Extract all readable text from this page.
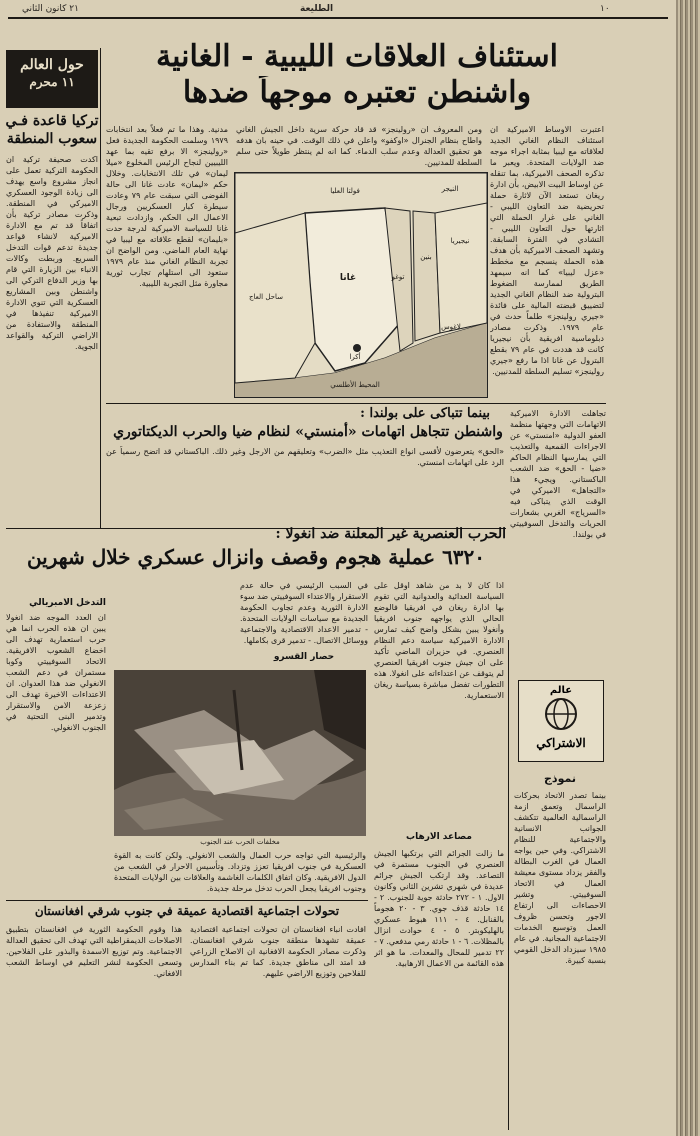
٢١ كانون الثاني	الطليعة	١٠
استئناف العلاقات الليبية - الغانية
واشنطن تعتبره موجهاً ضدها
حول العالم
١١ محرم
تركيا قاعدة فـي
سعوب المنطقة
اكدت صحيفة تركية ان الحكومة التركية تعمل على انجاز مشروع واسع يهدف الى زيادة الوجود العسكري الاميركي في المنطقة. وذكرت مصادر تركية بأن اتفاقاً قد تم مع الادارة الاميركية لانشاء قواعد جديدة تدعم قوات التدخل السريع. وربطت وكالات الانباء بين الزيارة التي قام بها وزير الدفاع التركي الى واشنطن وبين المشاريع العسكرية التي تنوي الادارة الاميركية تنفيذها في المنطقة والاستفادة من الاراضي التركية والقواعد الجوية.
اعتبرت الاوساط الاميركية ان استئناف النظام الغاني الجديد لعلاقاته مع ليبيا بمثابة اجراء موجه ضد الولايات المتحدة. ويعبر ما تذكره الصحف الاميركية، بما تنقله عن اوساط البيت الابيض، بأن ادارة ريغان تستعد الآن لاثارة حملة تحريضية ضد التعاون الليبي - الغاني على غرار الحملة التي اثارتها حول التعاون الليبي - التشادي في الفترة السابقة. وتشهد الصحف الاميركية بأن هدف هذه الحملة ينسجم مع مخطط «عزل ليبيا» كما انه سيمهد الطريق لممارسة الضغوط البترولية ضد النظام الغاني الجديد لتضييق قبضته المالية على فائدة «جيري رولينجز» طلماً حدث في عام ١٩٧٩. وذكرت مصادر دبلوماسية افريقية بأن نيجيريا كانت قد هددت في عام ٧٩ بقطع البترول عن غانا اذا ما رفع «جيري رولينجز» تسليم السلطة للمدنيين.
ومن المعروف ان «رولينجز» قد قاد حركة سرية داخل الجيش الغاني واطاح بنظام الجنرال «اوكفو» واعلن في ذلك الوقت. في حينه بان هدفه هو تحقيق العدالة وعدم سلب الدماء. كما انه لم ينتظر طويلاً حتى سلم السلطة للمدنيين.
مدنية. وهذا ما تم فعلاً بعد انتخابات ١٩٧٩ وسلمت الحكومة الجديدة فعل «رولينجز» الا برفع تقيه بما عهد الليبيين لنجاح الرئيس المخلوع «ميلا ليمان» في تلك الانتخابات. وخلال حكم «ليمان» عادت غانا الى حالة الفوضى التي سبقت عام ٧٩ وعادت سيطرة كبار العسكريين ورجال الاعمال الى الحكم، وازدادت تبعية غانا للسياسة الاميركية لدرجة حدت «بليمان» لقطع علاقاته مع ليبيا في نهاية العام الماضي. ومن الواضح ان تجربة النظام الغاني منذ عام ١٩٧٩ ستعود الى استلهام تجارب ثورية مجاورة مثل التجربة الليبية.
ساحل العاج
غانا	توغو
بنين
نيجيريا
أكرا
لاغوس
المحيط الأطلسي
فولتا العليا	النيجر
بينما تتباكى على بولندا :
واشنطن تتجاهل اتهامات «أمنستي» لنظام ضيا والحرب الديكتاتوري
تجاهلت الادارة الاميركية الاتهامات التي وجهتها منظمة العفو الدولية «امنستي» عن الاجراءات القمعية والتعذيب التي يمارسها النظام الحاكم «ضيا - الحق» ضد الشعب الباكستاني. ويجيء هذا «التجاهل» الاميركي في الوقت الذي يتباكى فيه «السرياج» الغربي بشعارات الحريات والتدخل السوفييتي في بولندا.
«الحق» يتعرضون لأقسى انواع التعذيب مثل «الضرب» وتعليقهم من الارجل وغير ذلك. الباكستاني قد اتضح رسمياً عن الرد على اتهامات امنستي.
الحرب العنصرية غير المعلنة ضد انغولا :
٦٣٢٠ عملية هجوم وقصف وانزال عسكري خلال شهرين
اذا كان لا بد من شاهد اوقل على السياسة العدائية والعدوانية التي تقوم بها ادارة ريغان في افريقيا فالوضع الحالي الذي يواجهه جنوب افريقيا وأنغولا يبين بشكل واضح كيف تمارس الادارة الاميركية سياسة دعم النظام العنصري. في حزيران الماضي تأكيد على ان جيش جنوب افريقيا العنصري لم يتوقف عن اعتداءاته على انغولا. هذه التطورات تفضل مباشرة بسياسة ريغان الاستعمارية.
في السبب الرئيسي في حالة عدم الاستقرار والاعتداء السوفييتي ضد سوء الادارة الثورية وعدم تجاوب الحكومة الجديدة مع سياسات الولايات المتحدة. - تدمير الاعداد الاقتصادية والاجتماعية ووسائل الاتصال. - تدمير قرى بكاملها.
حصار القسرو
التدخل الامبريالي
ان العدد الموجه ضد انغولا يبين ان هذه الحرب انما هي حرب استعمارية تهدف الى اخضاع الشعوب الافريقية. الاتحاد السوفييتي وكوبا مستمران في دعم الشعب الانغولي ضد هذا العدوان. ان الاعتداءات الاخيرة تهدف الى زعزعة الامن والاستقرار وتدمير البنى التحتية في الجنوب الانغولي.
مخلفات الحرب عند الجنوب
والرئيسية التي تواجه حرب العمال والشعب الانغولي. ولكن كانت به القوة العسكرية في جنوب افريقيا تعزز وتزداد. وتأسيس الاحرار في الشعب من الدول الافريقية. وكان اتفاق الكلمات الغاشمة والعلاقات بين الولايات المتحدة وجنوب افريقيا يجعل الحرب تدخل مرحلة جديدة.
مصاعد الارهاب
ما زالت الجرائم التي يرتكبها الجيش العنصري في الجنوب مستمرة في التصاعد. وقد ارتكب الجيش جرائم عديدة في شهري تشرين الثاني وكانون الاول. ١ - ٢٧٢ حادثة جوية للجنوب. ٢ - ١٤ حادثة قذف جوي. ٣ - ٢٠ هجوماً بالقنابل. ٤ - ١١١ هبوط عسكري بالهليكوبتر. ٥ - ٤ حوادث انزال بالمظلات. ٦ - ١ حادثة رمي مدفعي. ٧ - ٢٢ تدمير للمحال والمعدات. ما هو اثر هذه القائمة من الاعمال الارهابية.
تحولات اجتماعية اقتصادية عميقة في جنوب شرقي افغانستان
افادت انباء افغانستان ان تحولات اجتماعية اقتصادية عميقة تشهدها منطقة جنوب شرقي افغانستان. وذكرت مصادر الحكومة الافغانية ان الاصلاح الزراعي قد امتد الى مناطق جديدة. كما تم بناء المدارس للفلاحين وتوزيع الاراضي عليهم.
هذا وقوم الحكومة الثورية في افغانستان بتطبيق الاصلاحات الديمقراطية التي تهدف الى تحقيق العدالة الاجتماعية. وتم توزيع الاسمدة والبذور على الفلاحين. وتسعى الحكومة لنشر التعليم في اوساط الشعب الافغاني.
عالم
الاشتراكي
نموذج
بينما تصدر الاتحاد بحركات الراسمال وتعمق ازمة الراسمالية العالمية تتكشف الجوانب الانسانية والاجتماعية للنظام الاشتراكي. وفي حين يواجه العمال في الغرب البطالة والفقر يزداد مستوى معيشة العمال في الاتحاد السوفييتي. وتشير الاحصاءات الى ارتفاع الاجور وتحسن ظروف العمل وتوسيع الخدمات الاجتماعية المجانية. في عام ١٩٨٥ سيزداد الدخل القومي بنسبة كبيرة.
